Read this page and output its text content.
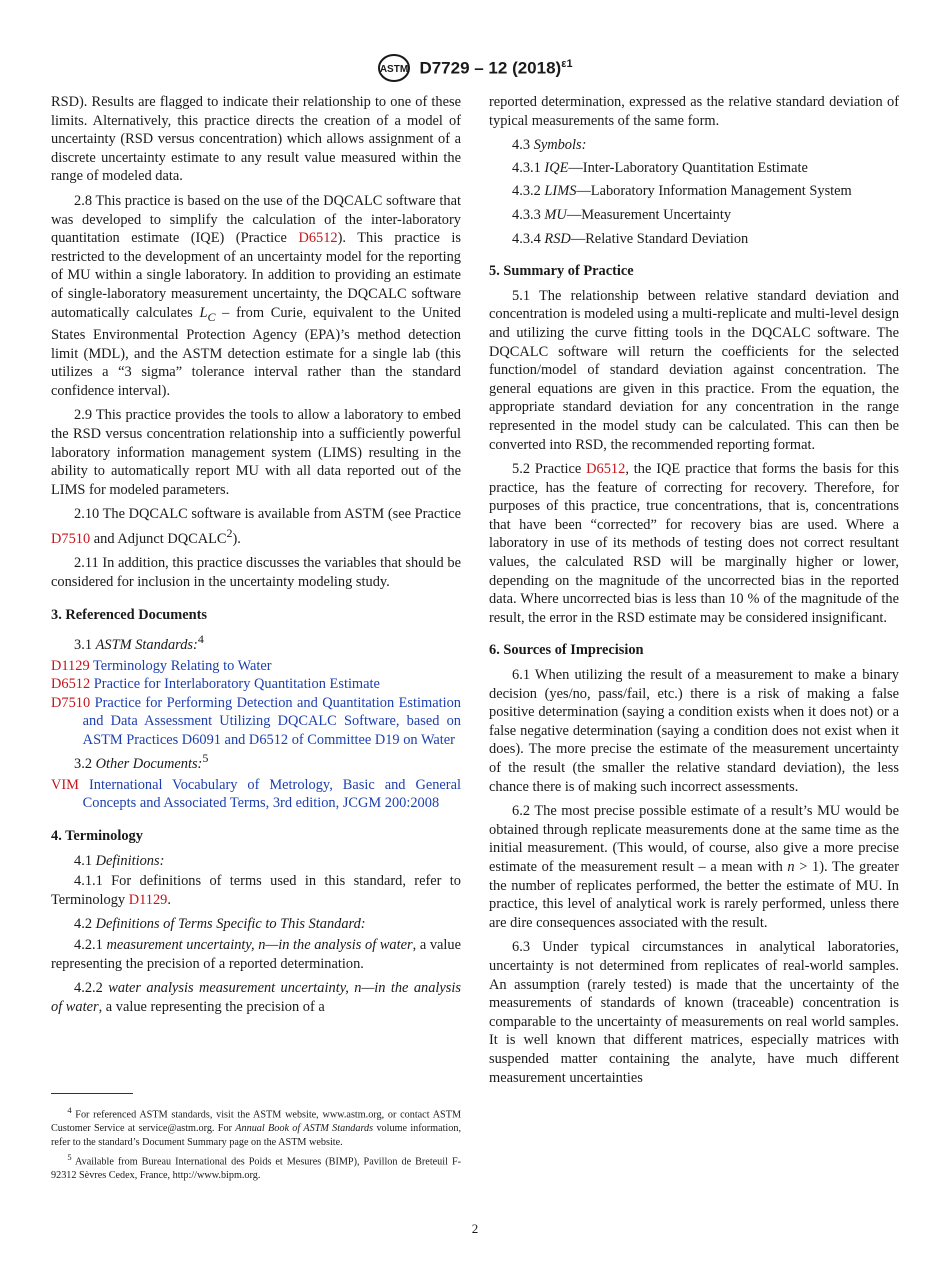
ASTM D7729 – 12 $(2018)^{\varepsilon 1}$

RSD). Results are flagged to indicate their relationship to one of these limits. Alternatively, this practice directs the creation of a model of uncertainty (RSD versus concentration) which allows assignment of a discrete uncertainty estimate to any result value measured within the range of modeled data.

2.8 This practice is based on the use of the DQCALC software that was developed to simplify the calculation of the inter-laboratory quantitation estimate (IQE) (Practice D6512). This practice is restricted to the development of an uncertainty model for the reporting of MU within a single laboratory. In addition to providing an estimate of single-laboratory measurement uncertainty, the DQCALC software automatically calculates $L_C$ – from Curie, equivalent to the United States Environmental Protection Agency (EPA)’s method detection limit (MDL), and the ASTM detection estimate for a single lab (this utilizes a “3 sigma” tolerance interval rather than the standard confidence interval).

2.9 This practice provides the tools to allow a laboratory to embed the RSD versus concentration relationship into a sufficiently powerful laboratory information management system (LIMS) resulting in the ability to automatically report MU with all data reported out of the LIMS for modeled parameters.

2.10 The DQCALC software is available from ASTM (see Practice D7510 and Adjunct DQCALC$^2$).

2.11 In addition, this practice discusses the variables that should be considered for inclusion in the uncertainty modeling study.

3. Referenced Documents

3.1 ASTM Standards:$^4$

D1129 Terminology Relating to Water

D6512 Practice for Interlaboratory Quantitation Estimate

D7510 Practice for Performing Detection and Quantitation Estimation and Data Assessment Utilizing DQCALC Software, based on ASTM Practices D6091 and D6512 of Committee D19 on Water

3.2 Other Documents:$^5$

VIM International Vocabulary of Metrology, Basic and General Concepts and Associated Terms, 3rd edition, JCGM 200:2008

4. Terminology

4.1 Definitions:

4.1.1 For definitions of terms used in this standard, refer to Terminology D1129.

4.2 Definitions of Terms Specific to This Standard:

4.2.1 measurement uncertainty, n—in the analysis of water, a value representing the precision of a reported determination.

4.2.2 water analysis measurement uncertainty, n—in the analysis of water, a value representing the precision of a

$^4$ For referenced ASTM standards, visit the ASTM website, www.astm.org, or contact ASTM Customer Service at service@astm.org. For Annual Book of ASTM Standards volume information, refer to the standard’s Document Summary page on the ASTM website.

$^5$ Available from Bureau International des Poids et Mesures (BIMP), Pavillon de Breteuil F-92312 Sèvres Cedex, France, http://www.bipm.org.

reported determination, expressed as the relative standard deviation of typical measurements of the same form.

4.3 Symbols:

4.3.1 IQE—Inter-Laboratory Quantitation Estimate

4.3.2 LIMS—Laboratory Information Management System

4.3.3 MU—Measurement Uncertainty

4.3.4 RSD—Relative Standard Deviation

5. Summary of Practice

5.1 The relationship between relative standard deviation and concentration is modeled using a multi-replicate and multi-level design and utilizing the curve fitting tools in the DQCALC software. The DQCALC software will return the coefficients for the selected function/model of standard deviation against concentration. The general equations are given in this practice. From the equation, the appropriate standard deviation for any concentration in the range represented in the model study can be calculated. This can then be converted into RSD, the recommended reporting format.

5.2 Practice D6512, the IQE practice that forms the basis for this practice, has the feature of correcting for recovery. Therefore, for purposes of this practice, true concentrations, that is, concentrations that have been “corrected” for recovery bias are used. Where a laboratory in use of its methods of testing does not correct resultant values, the calculated RSD will be marginally higher or lower, depending on the magnitude of the uncorrected bias in the reported data. Where uncorrected bias is less than 10 % of the magnitude of the result, the error in the RSD estimate may be considered insignificant.

6. Sources of Imprecision

6.1 When utilizing the result of a measurement to make a binary decision (yes/no, pass/fail, etc.) there is a risk of making a false positive determination (saying a condition exists when it does not) or a false negative determination (saying a condition does not exist when it does). The more precise the estimate of the measurement uncertainty of the result (the smaller the relative standard deviation), the less chance there is of making such incorrect assessments.

6.2 The most precise possible estimate of a result’s MU would be obtained through replicate measurements done at the same time as the initial measurement. (This would, of course, also give a more precise estimate of the measurement result – a mean with n > 1). The greater the number of replicates performed, the better the estimate of MU. In practice, this level of analytical work is rarely performed, unless there are dire consequences associated with the result.

6.3 Under typical circumstances in analytical laboratories, uncertainty is not determined from replicates of real-world samples. An assumption (rarely tested) is made that the uncertainty of the measurements of standards of known (traceable) concentration is comparable to the uncertainty of measurements on real world samples. It is well known that different matrices, especially matrices with suspended matter containing the analyte, have much different measurement uncertainties

2
